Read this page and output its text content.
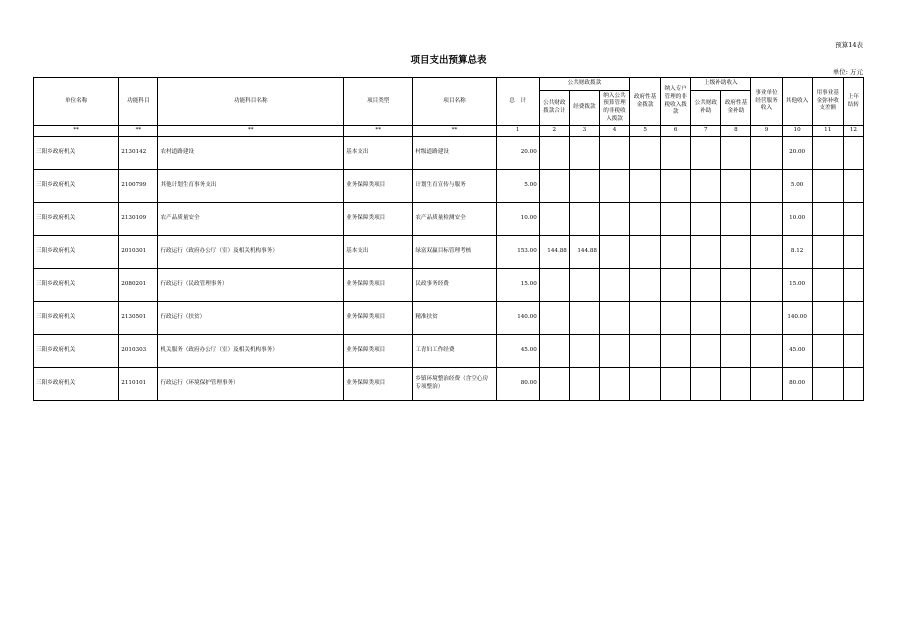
预算14表
项目支出预算总表
单位: 万元
单位名称	功能科目	功能科目名称	项目类型	项目名称	总　计	公共财政拨款			政府性基金拨款	纳入专户管理的非税收入拨款	上级补助收入		事业单位经营服务收入	其他收入	用事业基金弥补收支差额	上年结转
						公共财政拨款合计	经费拨款	纳入公共预算管理的非税收入拨款			公共财政补助	政府性基金补助				
**	**	**	**	**	1	2	3	4	5	6	7	8	9	10	11	12
三阳乡政府机关	2130142	农村道路建设	基本支出	村级道路建设	20.00									20.00		
三阳乡政府机关	2100799	其他计划生育事务支出	业务保障类项目	计划生育宣传与服务	5.00									5.00		
三阳乡政府机关	2130109	农产品质量安全	业务保障类项目	农产品质量检测安全	10.00									10.00		
三阳乡政府机关	2010301	行政运行（政府办公厅（室）及相关机构事务）	基本支出	绿富双赢目标管理考核	153.00	144.88	144.88							8.12		
三阳乡政府机关	2080201	行政运行（民政管理事务）	业务保障类项目	民政事务经费	15.00									15.00		
三阳乡政府机关	2130501	行政运行（扶贫）	业务保障类项目	精准扶贫	140.00									140.00		
三阳乡政府机关	2010303	机关服务（政府办公厅（室）及相关机构事务）	业务保障类项目	工青妇工作经费	45.00									45.00		
三阳乡政府机关	2110101	行政运行（环境保护管理事务）	业务保障类项目	乡镇环境整治经费（含空心房专项整治）	80.00									80.00		
